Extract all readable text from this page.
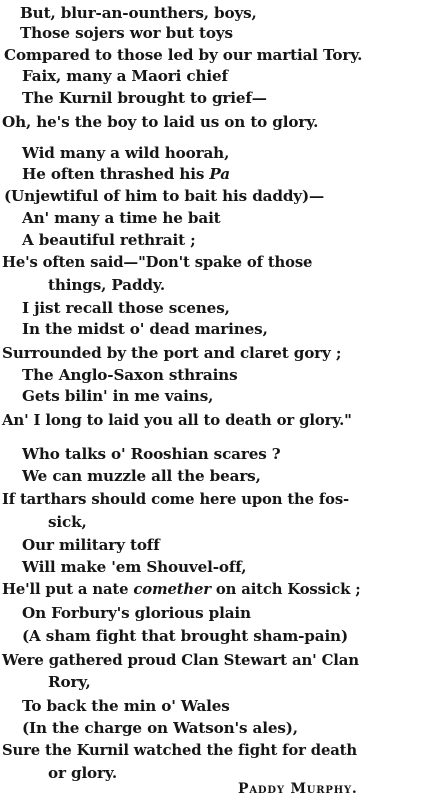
But, blur-an-ounthers, boys,
Those sojers wor but toys
Compared to those led by our martial Tory.
Faix, many a Maori chief
The Kurnil brought to grief—
Oh, he's the boy to laid us on to glory.
Wid many a wild hoorah,
He often thrashed his Pa
(Unjewtiful of him to bait his daddy)—
An' many a time he bait
A beautiful rethrait ;
He's often said—"Don't spake of those
things, Paddy.
I jist recall those scenes,
In the midst o' dead marines,
Surrounded by the port and claret gory ;
The Anglo-Saxon sthrains
Gets bilin' in me vains,
An' I long to laid you all to death or glory."
Who talks o' Rooshian scares ?
We can muzzle all the bears,
If tarthars should come here upon the fos-
sick,
Our military toff
Will make 'em Shouvel-off,
He'll put a nate comether on aitch Kossick ;
On Forbury's glorious plain
(A sham fight that brought sham-pain)
Were gathered proud Clan Stewart an' Clan
Rory,
To back the min o' Wales
(In the charge on Watson's ales),
Sure the Kurnil watched the fight for death
or glory.
Paddy Murphy.
